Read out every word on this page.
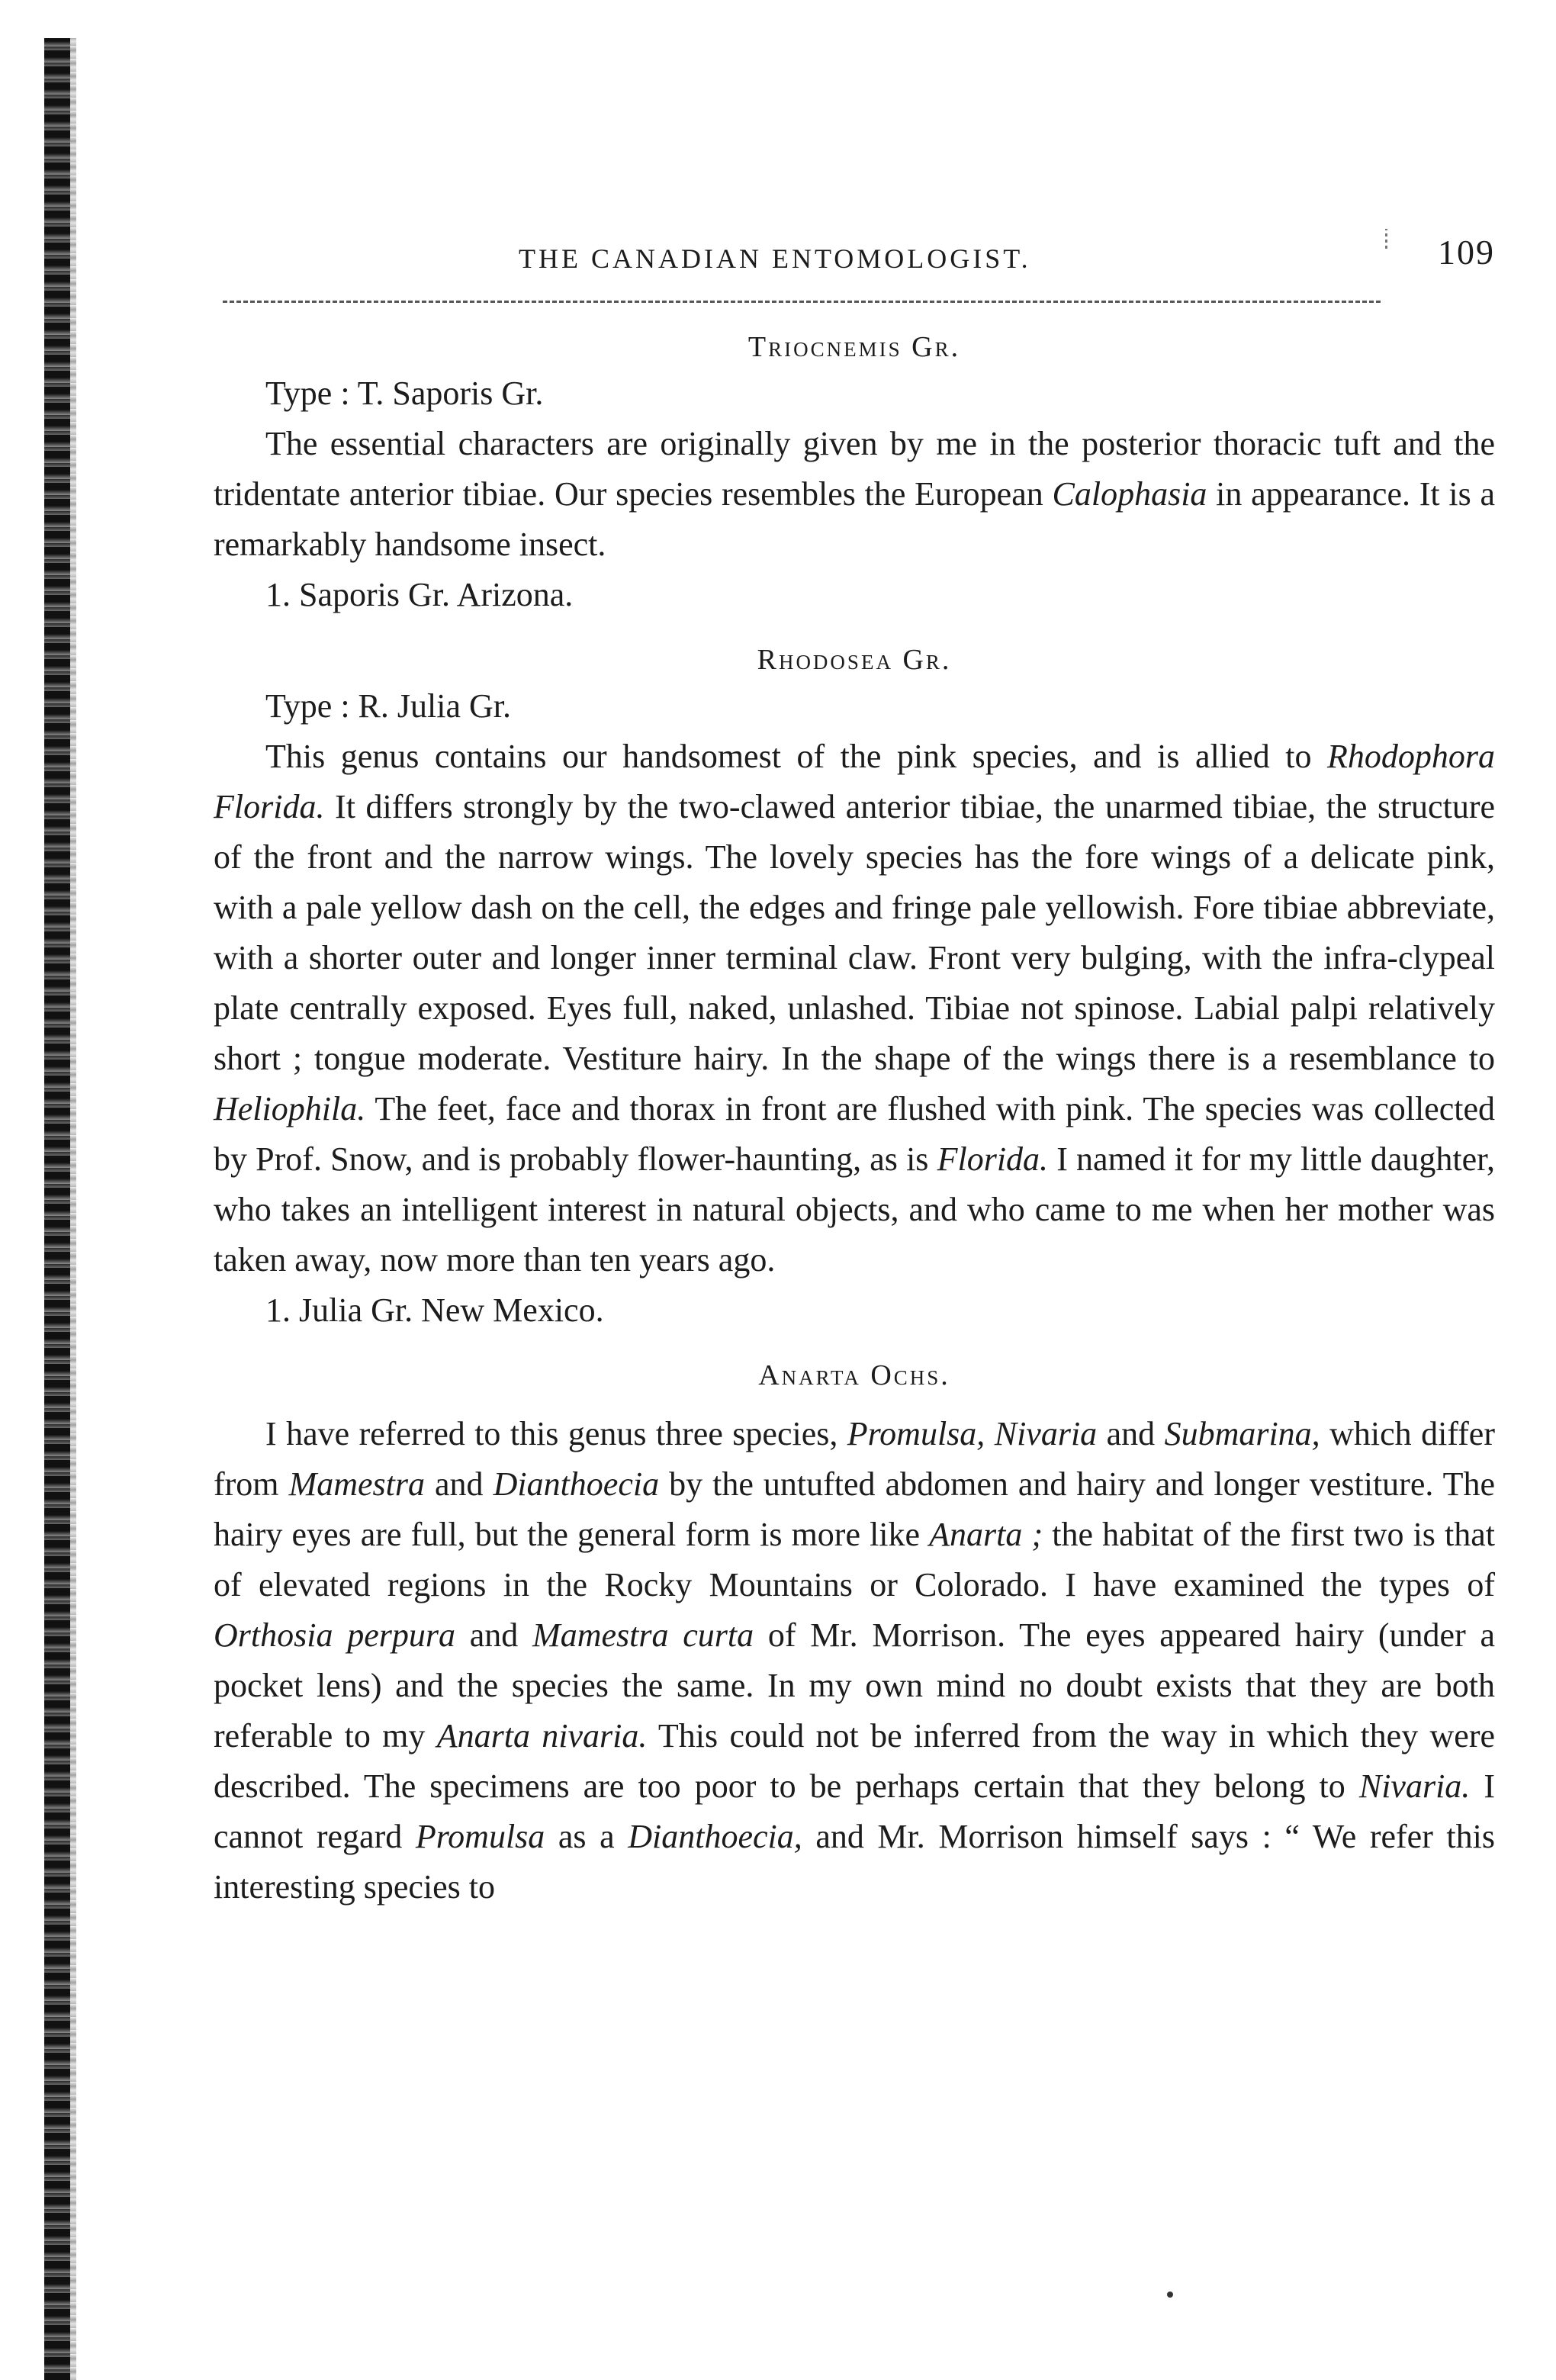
THE CANADIAN ENTOMOLOGIST.	109
Triocnemis Gr.

Type : T. Saporis Gr.

The essential characters are originally given by me in the posterior thoracic tuft and the tridentate anterior tibiae. Our species resembles the European Calophasia in appearance. It is a remarkably handsome insect.

1. Saporis Gr. Arizona.

Rhodosea Gr.

Type : R. Julia Gr.

This genus contains our handsomest of the pink species, and is allied to Rhodophora Florida. It differs strongly by the two-clawed anterior tibiae, the unarmed tibiae, the structure of the front and the narrow wings. The lovely species has the fore wings of a delicate pink, with a pale yellow dash on the cell, the edges and fringe pale yellowish. Fore tibiae abbreviate, with a shorter outer and longer inner terminal claw. Front very bulging, with the infra-clypeal plate centrally exposed. Eyes full, naked, unlashed. Tibiae not spinose. Labial palpi relatively short ; tongue moderate. Vestiture hairy. In the shape of the wings there is a resemblance to Heliophila. The feet, face and thorax in front are flushed with pink. The species was collected by Prof. Snow, and is probably flower-haunting, as is Florida. I named it for my little daughter, who takes an intelligent interest in natural objects, and who came to me when her mother was taken away, now more than ten years ago.

1. Julia Gr. New Mexico.

Anarta Ochs.

I have referred to this genus three species, Promulsa, Nivaria and Submarina, which differ from Mamestra and Dianthoecia by the untufted abdomen and hairy and longer vestiture. The hairy eyes are full, but the general form is more like Anarta ; the habitat of the first two is that of elevated regions in the Rocky Mountains or Colorado. I have examined the types of Orthosia perpura and Mamestra curta of Mr. Morrison. The eyes appeared hairy (under a pocket lens) and the species the same. In my own mind no doubt exists that they are both referable to my Anarta nivaria. This could not be inferred from the way in which they were described. The specimens are too poor to be perhaps certain that they belong to Nivaria. I cannot regard Promulsa as a Dianthoecia, and Mr. Morrison himself says : “ We refer this interesting species to
